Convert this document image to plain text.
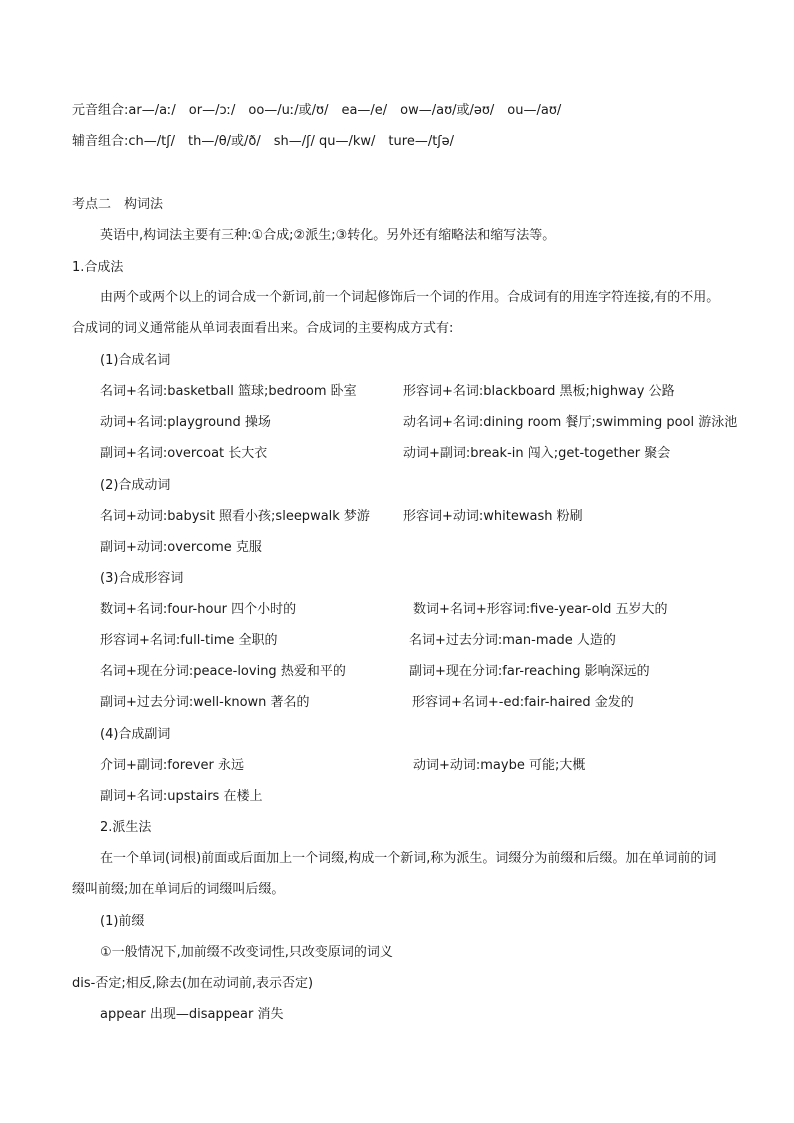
元音组合:ar—/aː/　or—/ɔː/　oo—/uː/或/ʊ/　ea—/e/　ow—/aʊ/或/əʊ/　ou—/aʊ/
辅音组合:ch—/tʃ/　th—/θ/或/ð/　sh—/ʃ/ qu—/kw/　ture—/tʃə/
考点二　构词法
英语中,构词法主要有三种:①合成;②派生;③转化。另外还有缩略法和缩写法等。
1.合成法
由两个或两个以上的词合成一个新词,前一个词起修饰后一个词的作用。合成词有的用连字符连接,有的不用。合成词的词义通常能从单词表面看出来。合成词的主要构成方式有:
(1)合成名词
名词+名词:basketball 篮球;bedroom 卧室	形容词+名词:blackboard 黑板;highway 公路
动词+名词:playground 操场	动名词+名词:dining room 餐厅;swimming pool 游泳池
副词+名词:overcoat 长大衣	动词+副词:break-in 闯入;get-together 聚会
(2)合成动词
名词+动词:babysit 照看小孩;sleepwalk 梦游	形容词+动词:whitewash 粉刷
副词+动词:overcome 克服
(3)合成形容词
数词+名词:four-hour 四个小时的	数词+名词+形容词:five-year-old 五岁大的
形容词+名词:full-time 全职的	名词+过去分词:man-made 人造的
名词+现在分词:peace-loving 热爱和平的	副词+现在分词:far-reaching 影响深远的
副词+过去分词:well-known 著名的	形容词+名词+-ed:fair-haired 金发的
(4)合成副词
介词+副词:forever 永远	动词+动词:maybe 可能;大概
副词+名词:upstairs 在楼上
2.派生法
在一个单词(词根)前面或后面加上一个词缀,构成一个新词,称为派生。词缀分为前缀和后缀。加在单词前的词缀叫前缀;加在单词后的词缀叫后缀。
(1)前缀
①一般情况下,加前缀不改变词性,只改变原词的词义
dis-否定;相反,除去(加在动词前,表示否定)
appear 出现—disappear 消失
